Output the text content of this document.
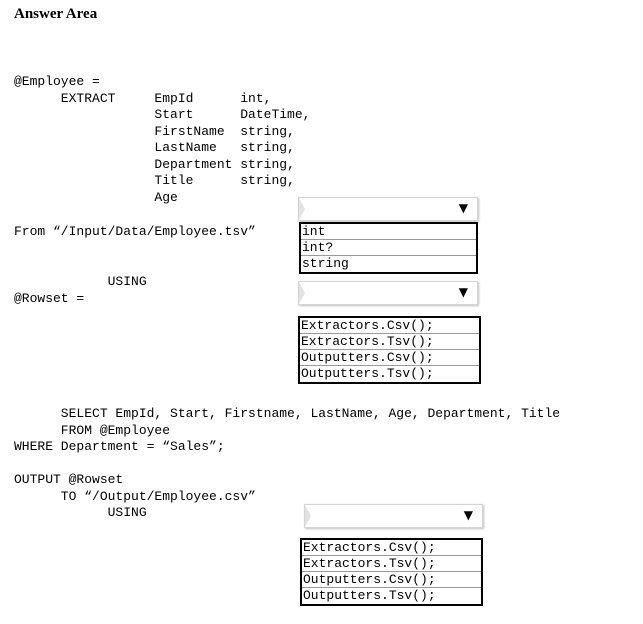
Answer Area
@Employee =
EXTRACT     EmpId      int,
Start      DateTime,
FirstName  string,
LastName   string,
Department string,
Title      string,
Age
From “/Input/Data/Employee.tsv”
USING
@Rowset =
SELECT EmpId, Start, Firstname, LastName, Age, Department, Title
FROM @Employee
WHERE Department = “Sales”;
OUTPUT @Rowset
TO “/Output/Employee.csv”
USING
▼
int
int?
string
▼
Extractors.Csv();
Extractors.Tsv();
Outputters.Csv();
Outputters.Tsv();
▼
Extractors.Csv();
Extractors.Tsv();
Outputters.Csv();
Outputters.Tsv();
